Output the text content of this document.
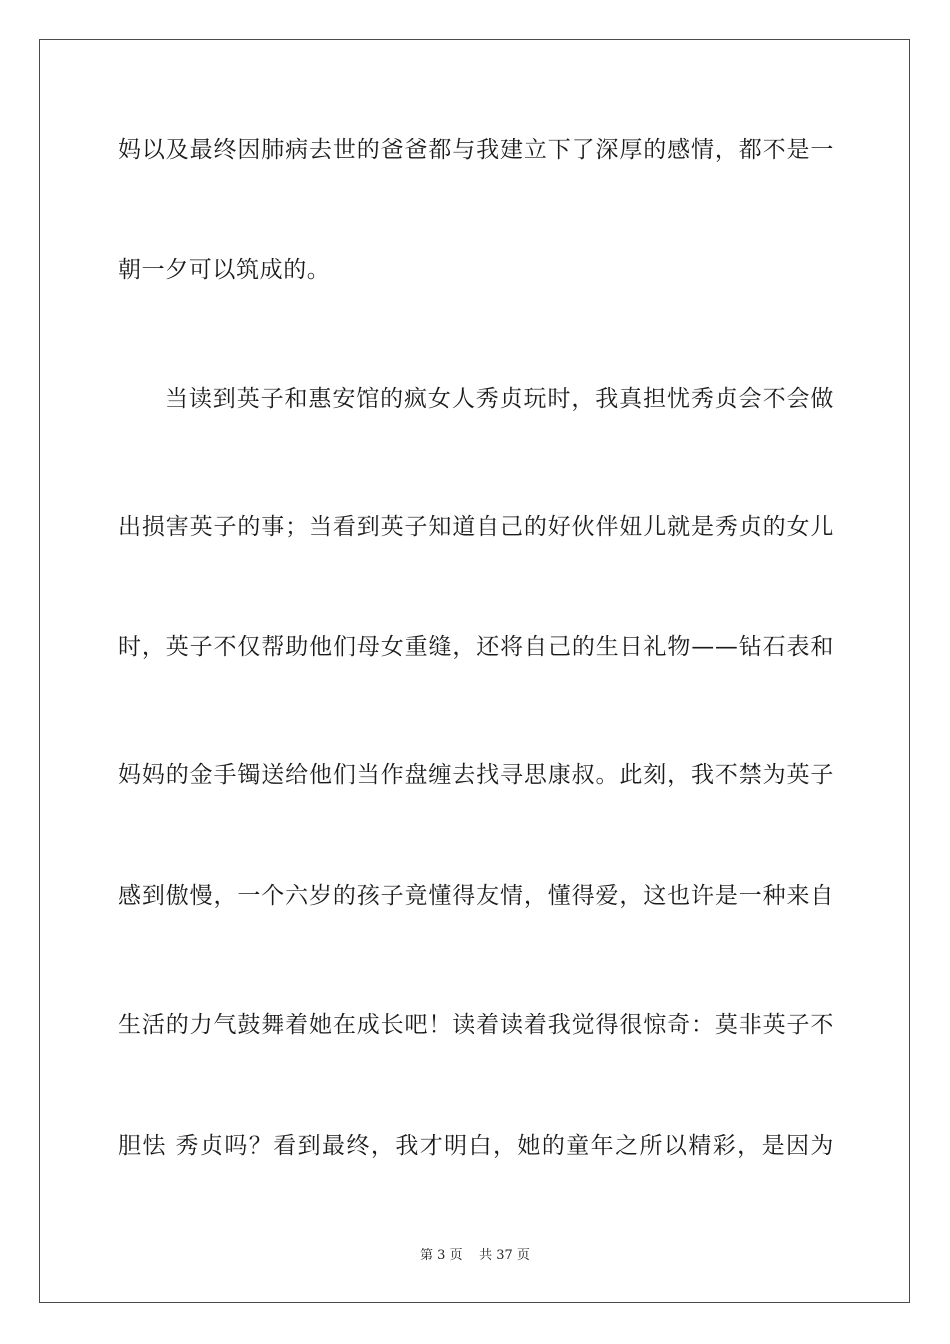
妈以及最终因肺病去世的爸爸都与我建立下了深厚的感情，都不是一
朝一夕可以筑成的。
当读到英子和惠安馆的疯女人秀贞玩时，我真担忧秀贞会不会做
出损害英子的事；当看到英子知道自己的好伙伴妞儿就是秀贞的女儿
时，英子不仅帮助他们母女重缝，还将自己的生日礼物——钻石表和
妈妈的金手镯送给他们当作盘缠去找寻思康叔。此刻，我不禁为英子
感到傲慢，一个六岁的孩子竟懂得友情，懂得爱，这也许是一种来自
生活的力气鼓舞着她在成长吧！读着读着我觉得很惊奇：莫非英子不
胆怯 秀贞吗？看到最终，我才明白，她的童年之所以精彩，是因为
第 3 页 共 37 页
